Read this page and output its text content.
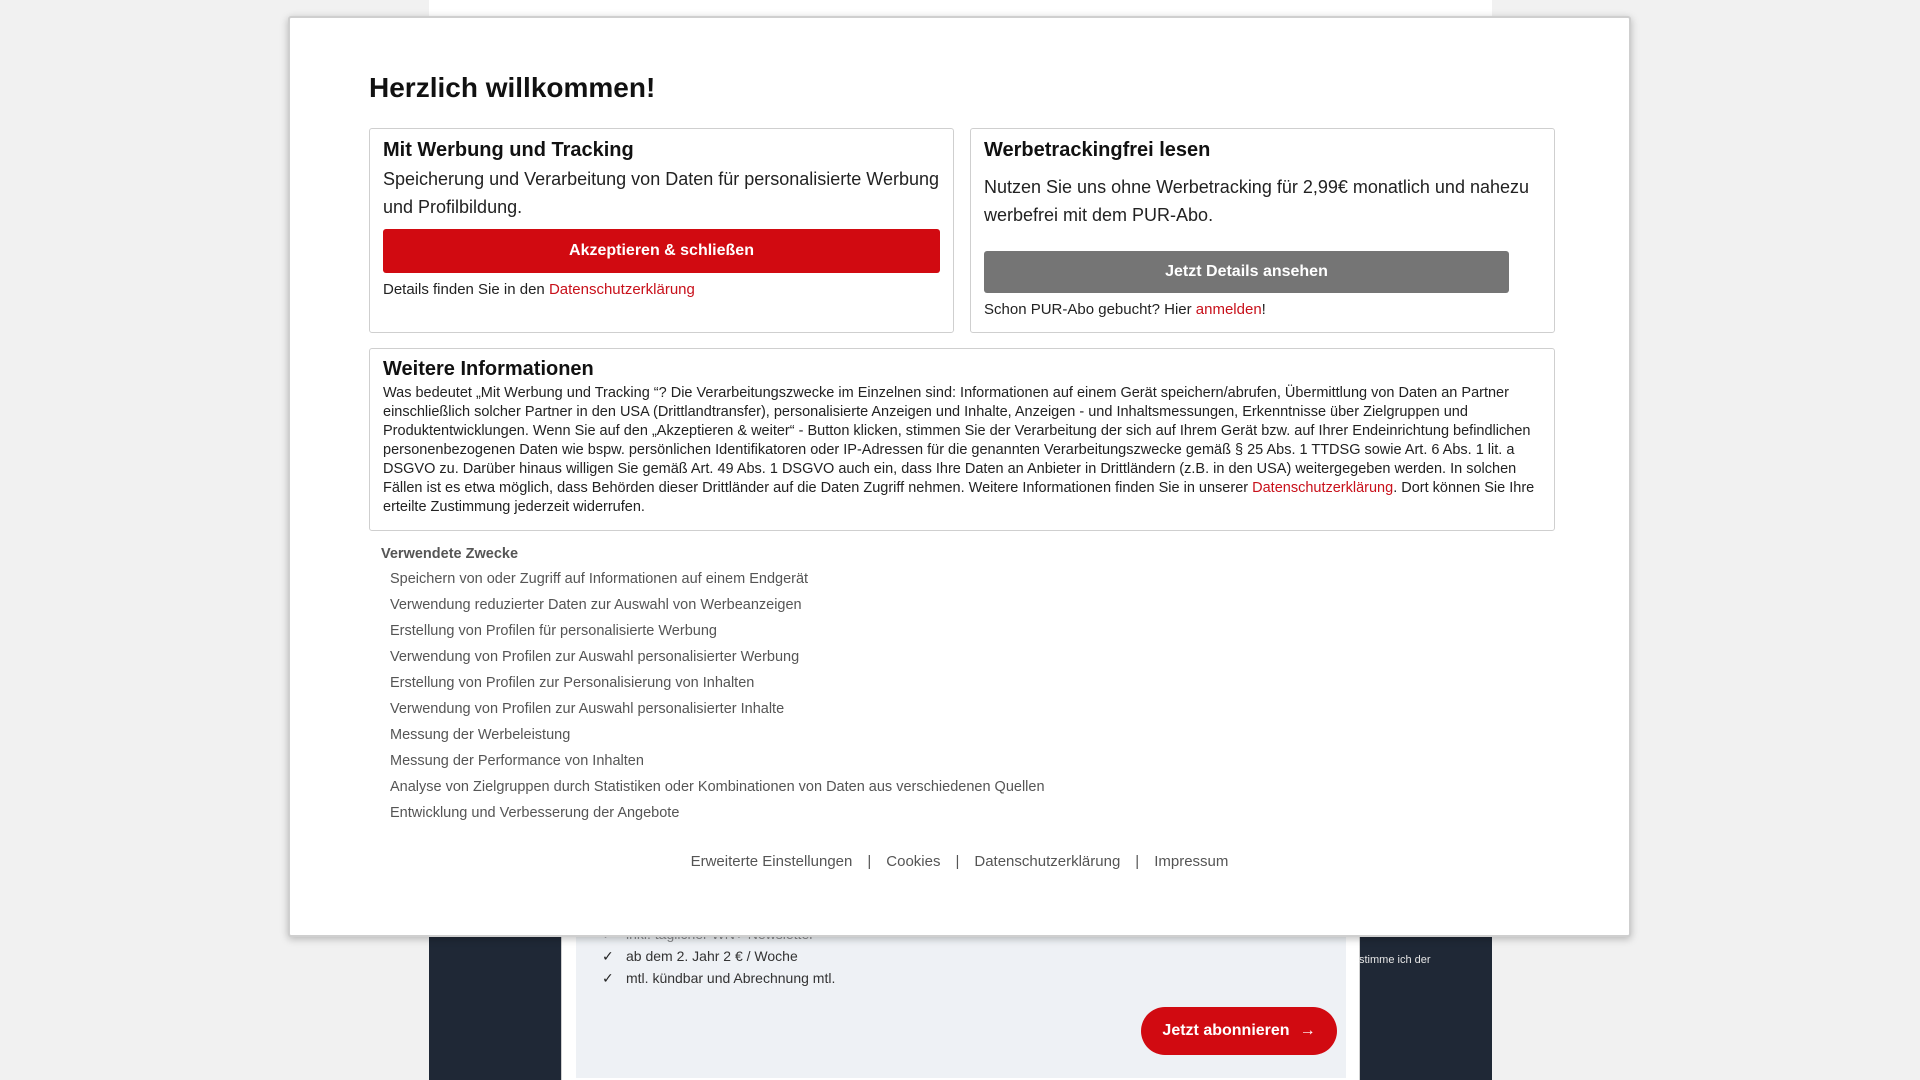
✓ ab dem 2. Jahr 2 € / Woche
✓ mtl. kündbar und Abrechnung mtl.
Jetzt abonnieren →
stimme ich der
Herzlich willkommen!
Mit Werbung und Tracking
Speicherung und Verarbeitung von Daten für personalisierte Werbung und Profilbildung.
Akzeptieren & schließen
Details finden Sie in den Datenschutzerklärung
Werbetrackingfrei lesen
Nutzen Sie uns ohne Werbetracking für 2,99€ monatlich und nahezu werbefrei mit dem PUR-Abo.
Jetzt Details ansehen
Schon PUR-Abo gebucht? Hier anmelden!
Weitere Informationen
Was bedeutet „Mit Werbung und Tracking “? Die Verarbeitungszwecke im Einzelnen sind: Informationen auf einem Gerät speichern/abrufen, Übermittlung von Daten an Partner einschließlich solcher Partner in den USA (Drittlandtransfer), personalisierte Anzeigen und Inhalte, Anzeigen - und Inhaltsmessungen, Erkenntnisse über Zielgruppen und Produktentwicklungen. Wenn Sie auf den „Akzeptieren & weiter“ - Button klicken, stimmen Sie der Verarbeitung der sich auf Ihrem Gerät bzw. auf Ihrer Endeinrichtung befindlichen personenbezogenen Daten wie bspw. persönlichen Identifikatoren oder IP-Adressen für die genannten Verarbeitungszwecke gemäß § 25 Abs. 1 TTDSG sowie Art. 6 Abs. 1 lit. a DSGVO zu. Darüber hinaus willigen Sie gemäß Art. 49 Abs. 1 DSGVO auch ein, dass Ihre Daten an Anbieter in Drittländern (z.B. in den USA) weitergegeben werden. In solchen Fällen ist es etwa möglich, dass Behörden dieser Drittländer auf die Daten Zugriff nehmen. Weitere Informationen finden Sie in unserer Datenschutzerklärung. Dort können Sie Ihre erteilte Zustimmung jederzeit widerrufen.
Verwendete Zwecke
Speichern von oder Zugriff auf Informationen auf einem Endgerät
Verwendung reduzierter Daten zur Auswahl von Werbeanzeigen
Erstellung von Profilen für personalisierte Werbung
Verwendung von Profilen zur Auswahl personalisierter Werbung
Erstellung von Profilen zur Personalisierung von Inhalten
Verwendung von Profilen zur Auswahl personalisierter Inhalte
Messung der Werbeleistung
Messung der Performance von Inhalten
Analyse von Zielgruppen durch Statistiken oder Kombinationen von Daten aus verschiedenen Quellen
Entwicklung und Verbesserung der Angebote
Erweiterte Einstellungen | Cookies | Datenschutzerklärung | Impressum
